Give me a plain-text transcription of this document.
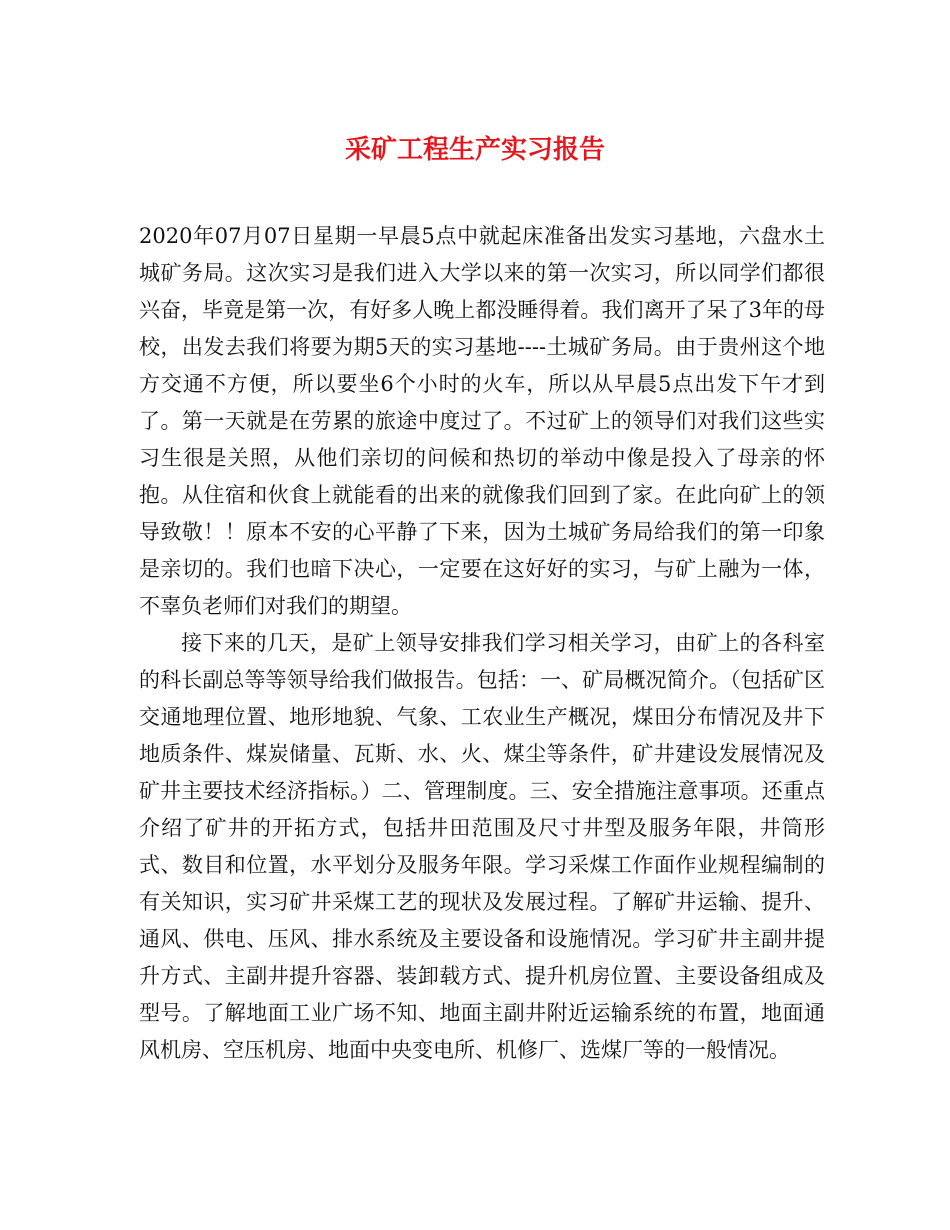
采矿工程生产实习报告

2020年07月07日星期一早晨5点中就起床准备出发实习基地，六盘水土城矿务局。这次实习是我们进入大学以来的第一次实习，所以同学们都很兴奋，毕竟是第一次，有好多人晚上都没睡得着。我们离开了呆了3年的母校，出发去我们将要为期5天的实习基地----土城矿务局。由于贵州这个地方交通不方便，所以要坐6个小时的火车，所以从早晨5点出发下午才到了。第一天就是在劳累的旅途中度过了。不过矿上的领导们对我们这些实习生很是关照，从他们亲切的问候和热切的举动中像是投入了母亲的怀抱。从住宿和伙食上就能看的出来的就像我们回到了家。在此向矿上的领导致敬！！原本不安的心平静了下来，因为土城矿务局给我们的第一印象是亲切的。我们也暗下决心，一定要在这好好的实习，与矿上融为一体，不辜负老师们对我们的期望。

接下来的几天，是矿上领导安排我们学习相关学习，由矿上的各科室的科长副总等等领导给我们做报告。包括：一、矿局概况简介。（包括矿区交通地理位置、地形地貌、气象、工农业生产概况，煤田分布情况及井下地质条件、煤炭储量、瓦斯、水、火、煤尘等条件，矿井建设发展情况及矿井主要技术经济指标。）二、管理制度。三、安全措施注意事项。还重点介绍了矿井的开拓方式，包括井田范围及尺寸井型及服务年限，井筒形式、数目和位置，水平划分及服务年限。学习采煤工作面作业规程编制的有关知识，实习矿井采煤工艺的现状及发展过程。了解矿井运输、提升、通风、供电、压风、排水系统及主要设备和设施情况。学习矿井主副井提升方式、主副井提升容器、装卸载方式、提升机房位置、主要设备组成及型号。了解地面工业广场不知、地面主副井附近运输系统的布置，地面通风机房、空压机房、地面中央变电所、机修厂、选煤厂等的一般情况。
